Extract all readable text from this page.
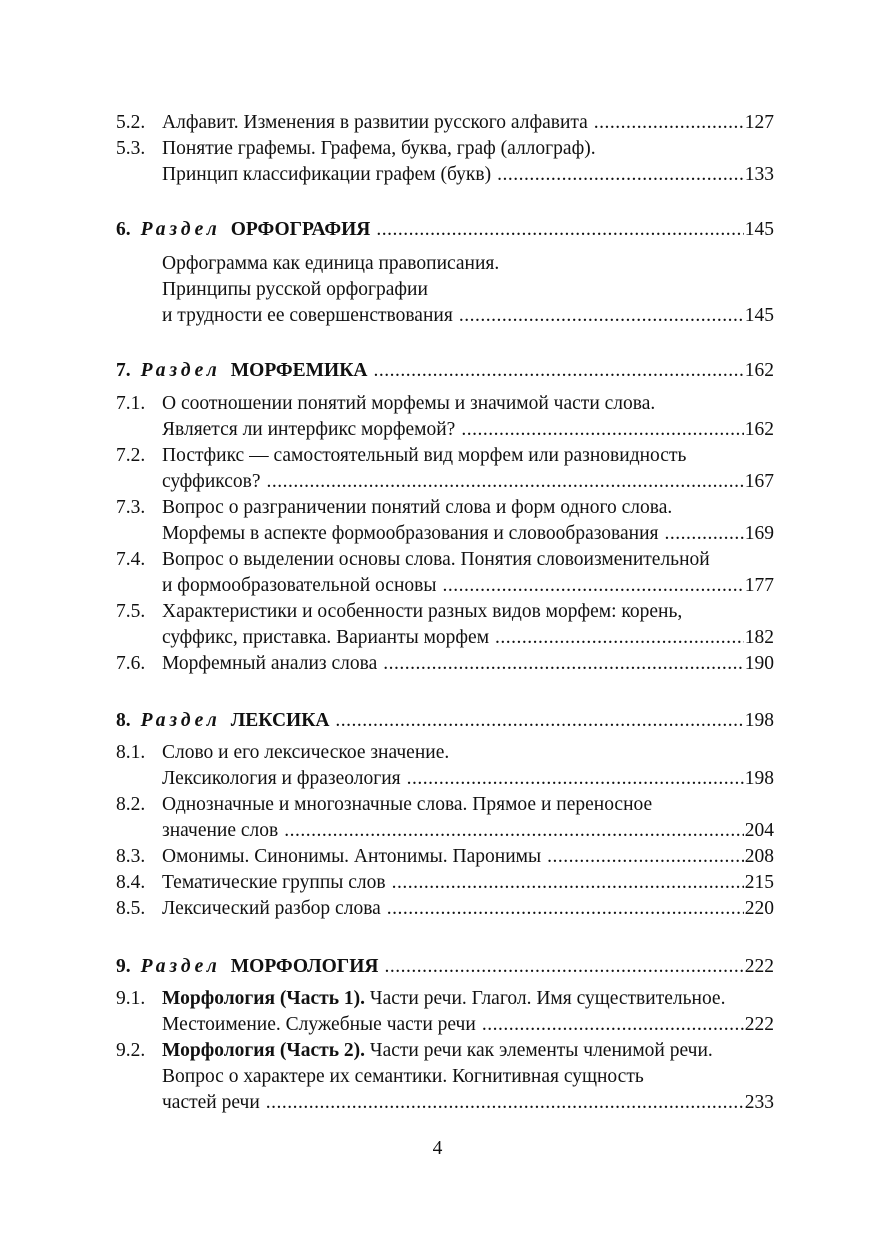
5.2. Алфавит. Изменения в развитии русского алфавита .....	127
5.3. Понятие графемы. Графема, буква, граф (аллограф).
Принцип классификации графем (букв) .....	133
6. Раздел ОРФОГРАФИЯ .....	145
Орфограмма как единица правописания.
Принципы русской орфографии
и трудности ее совершенствования .....	145
7. Раздел МОРФЕМИКА .....	162
7.1. О соотношении понятий морфемы и значимой части слова.
Является ли интерфикс морфемой? .....	162
7.2. Постфикс — самостоятельный вид морфем или разновидность
суффиксов? .....	167
7.3. Вопрос о разграничении понятий слова и форм одного слова.
Морфемы в аспекте формообразования и словообразования .....	169
7.4. Вопрос о выделении основы слова. Понятия словоизменительной
и формообразовательной основы .....	177
7.5. Характеристики и особенности разных видов морфем: корень,
суффикс, приставка. Варианты морфем .....	182
7.6. Морфемный анализ слова .....	190
8. Раздел ЛЕКСИКА .....	198
8.1. Слово и его лексическое значение.
Лексикология и фразеология .....	198
8.2. Однозначные и многозначные слова. Прямое и переносное
значение слов .....	204
8.3. Омонимы. Синонимы. Антонимы. Паронимы .....	208
8.4. Тематические группы слов .....	215
8.5. Лексический разбор слова .....	220
9. Раздел МОРФОЛОГИЯ .....	222
9.1. Морфология (Часть 1). Части речи. Глагол. Имя существительное.
Местоимение. Служебные части речи .....	222
9.2. Морфология (Часть 2). Части речи как элементы членимой речи.
Вопрос о характере их семантики. Когнитивная сущность
частей речи .....	233
4
